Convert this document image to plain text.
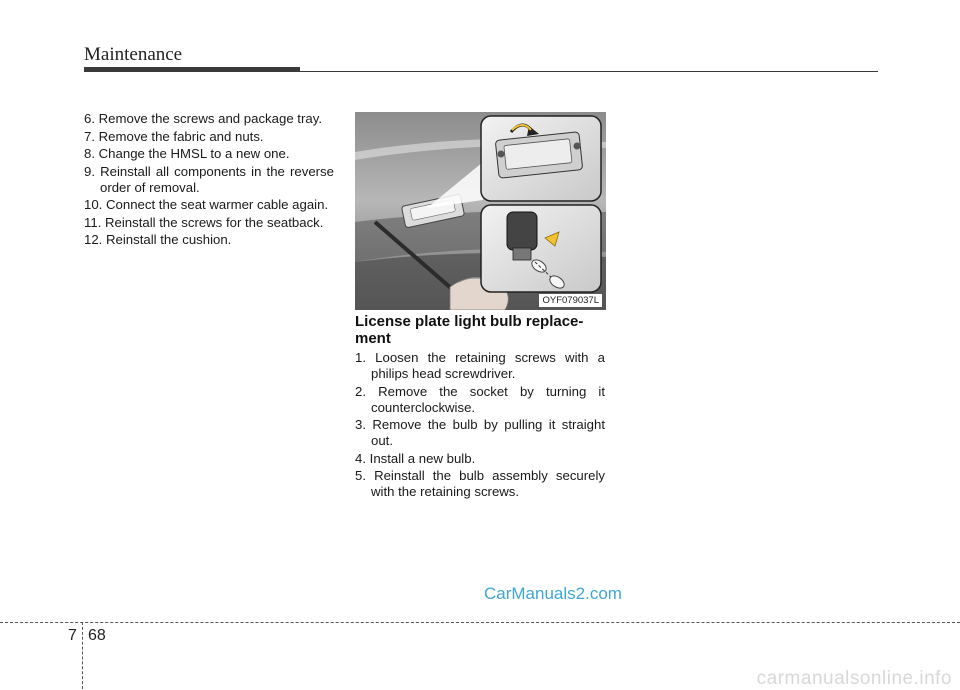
Maintenance
6. Remove the screws and package tray.
7. Remove the fabric and nuts.
8. Change the HMSL to a new one.
9. Reinstall all components in the reverse order of removal.
10. Connect the seat warmer cable again.
11. Reinstall the screws for the seatback.
12. Reinstall the cushion.
OYF079037L
License plate light bulb replace- ment
1. Loosen the retaining screws with a philips head screwdriver.
2. Remove the socket by turning it counterclockwise.
3. Remove the bulb by pulling it straight out.
4. Install a new bulb.
5. Reinstall the bulb assembly securely with the retaining screws.
CarManuals2.com
7 68
carmanualsonline.info
